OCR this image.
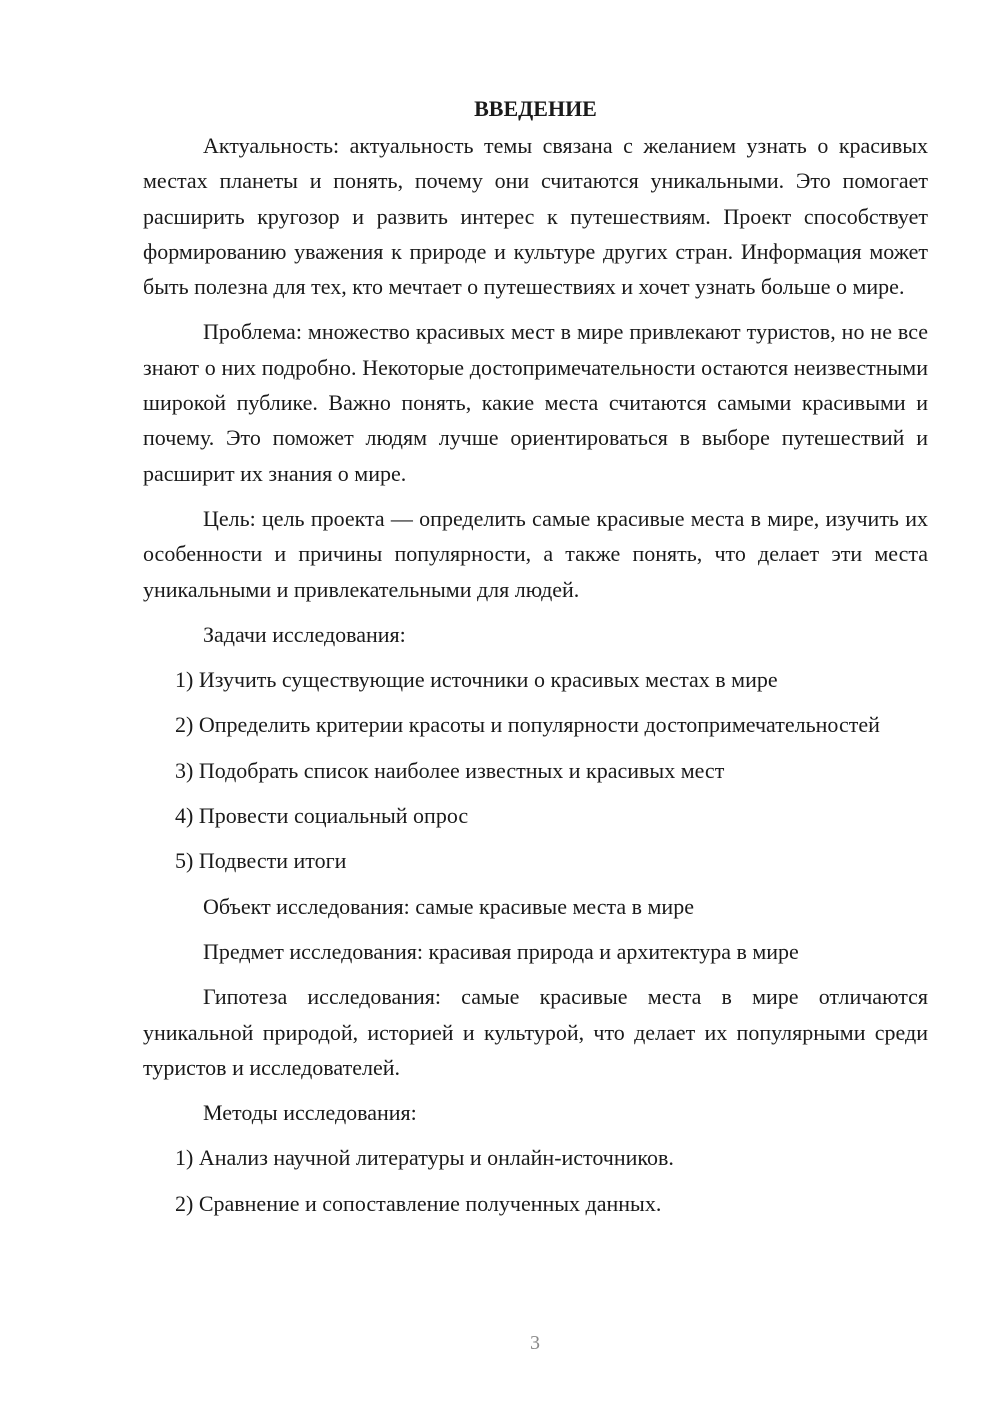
ВВЕДЕНИЕ

Актуальность: актуальность темы связана с желанием узнать о красивых местах планеты и понять, почему они считаются уникальными. Это помогает расширить кругозор и развить интерес к путешествиям. Проект способствует формированию уважения к природе и культуре других стран. Информация может быть полезна для тех, кто мечтает о путешествиях и хочет узнать больше о мире.

Проблема: множество красивых мест в мире привлекают туристов, но не все знают о них подробно. Некоторые достопримечательности остаются неизвестными широкой публике. Важно понять, какие места считаются самыми красивыми и почему. Это поможет людям лучше ориентироваться в выборе путешествий и расширит их знания о мире.

Цель: цель проекта — определить самые красивые места в мире, изучить их особенности и причины популярности, а также понять, что делает эти места уникальными и привлекательными для людей.

Задачи исследования:
1) Изучить существующие источники о красивых местах в мире

2) Определить критерии красоты и популярности достопримечательностей

3) Подобрать список наиболее известных и красивых мест
4) Провести социальный опрос
5) Подвести итоги
Объект исследования: самые красивые места в мире
Предмет исследования: красивая природа и архитектура в мире

Гипотеза исследования: самые красивые места в мире отличаются уникальной природой, историей и культурой, что делает их популярными среди туристов и исследователей.

Методы исследования:
1) Анализ научной литературы и онлайн-источников.
2) Сравнение и сопоставление полученных данных.
3
